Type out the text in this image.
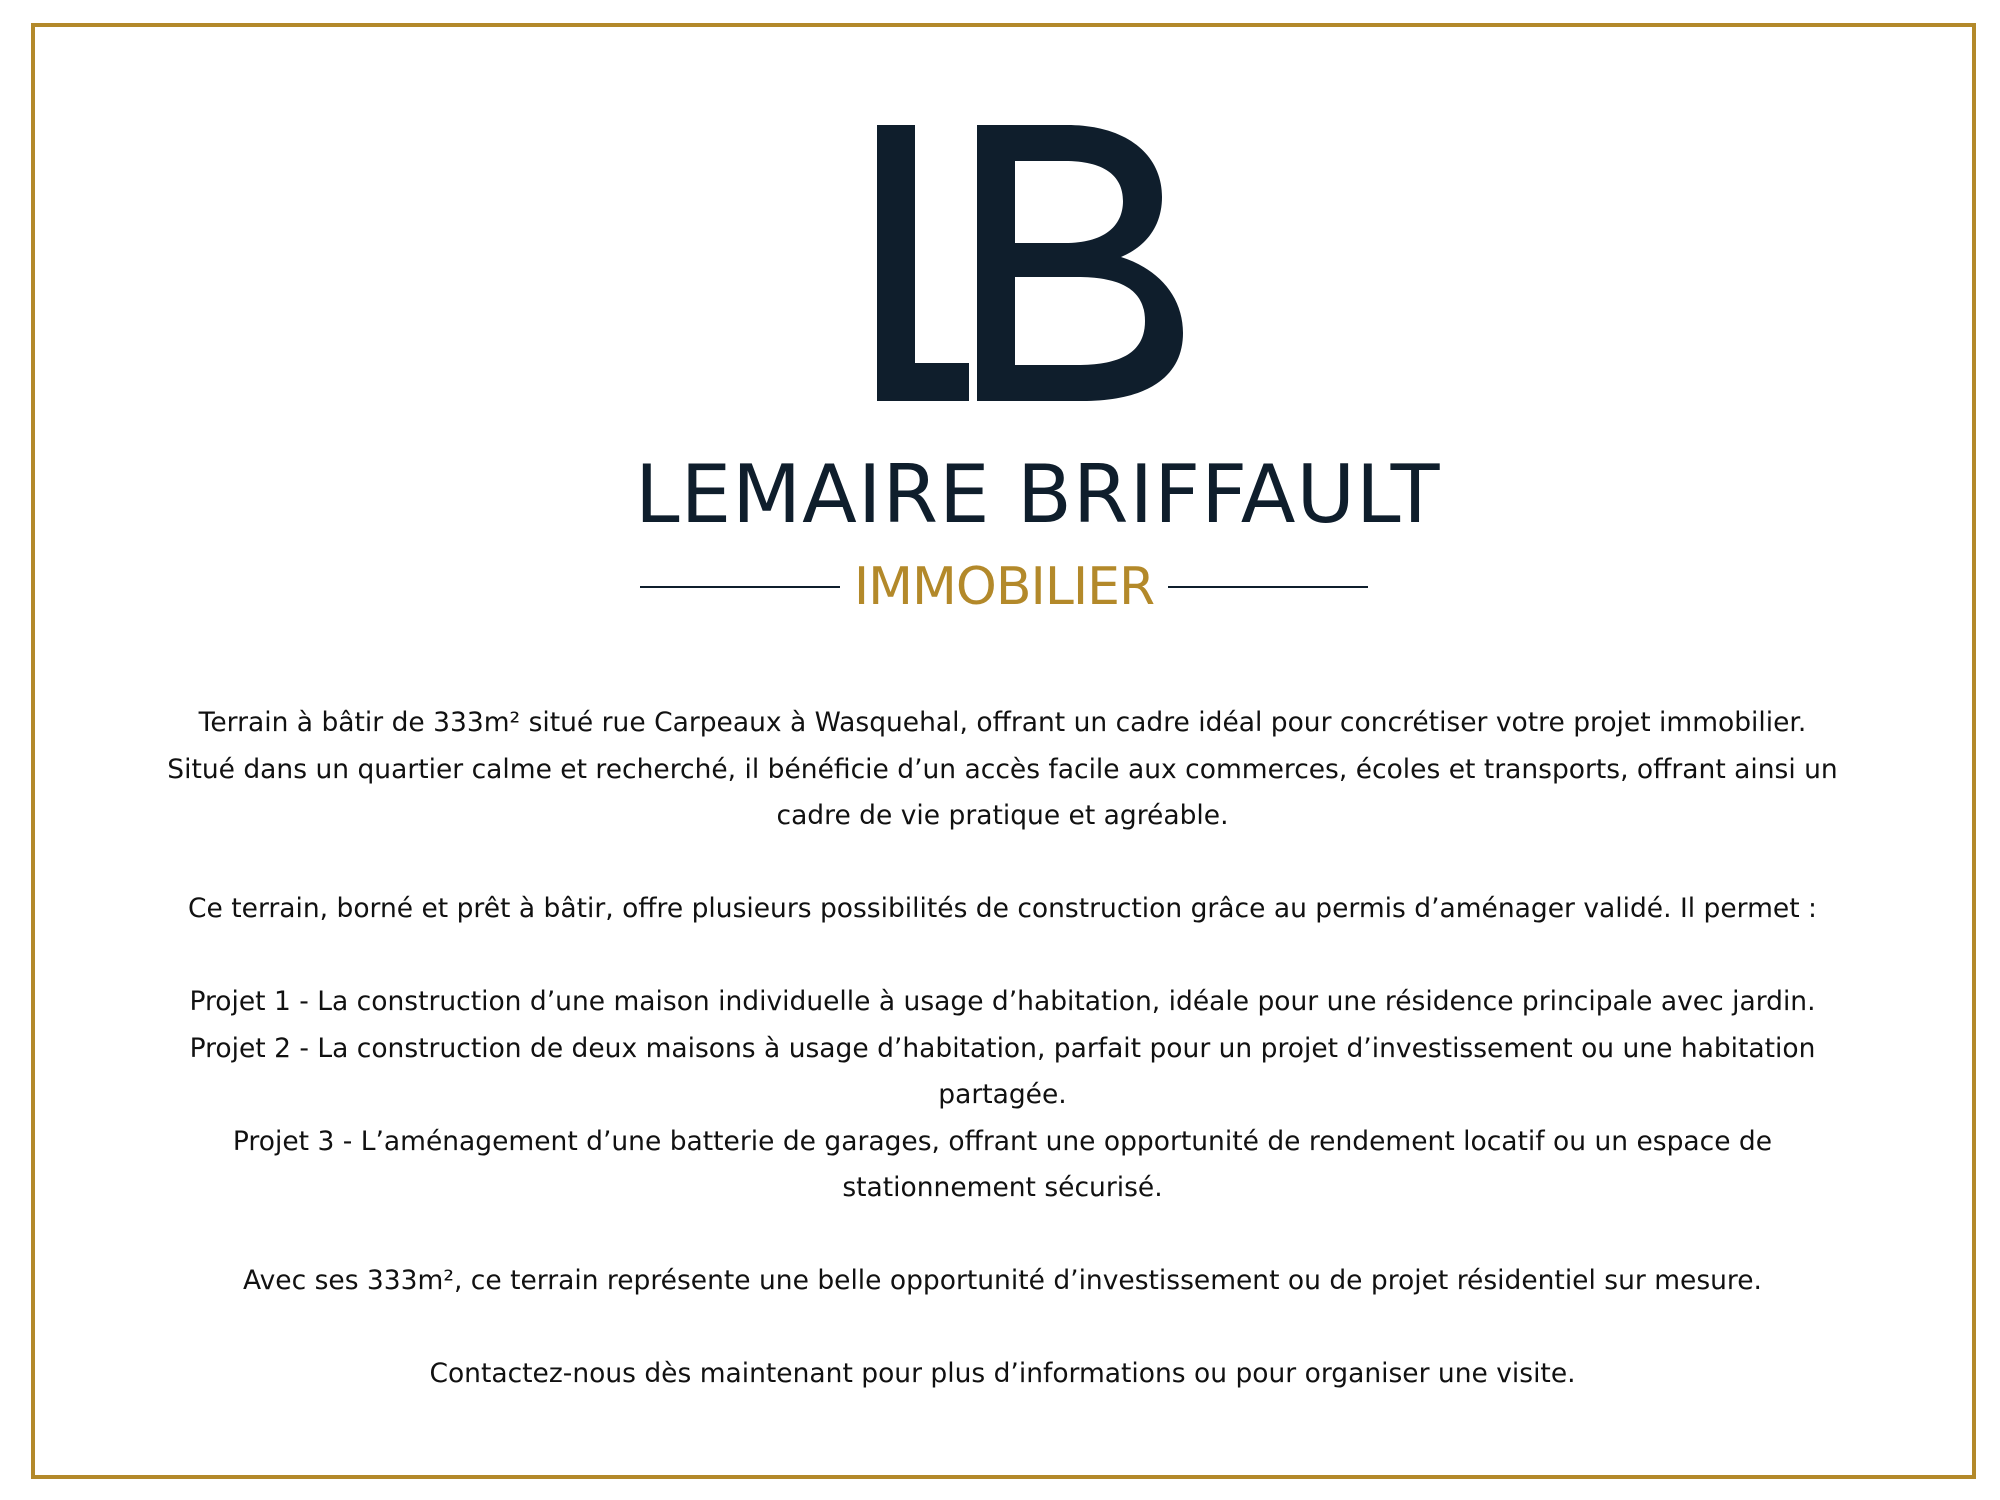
LEMAIRE BRIFFAULT
IMMOBILIER

Terrain à bâtir de 333m² situé rue Carpeaux à Wasquehal, offrant un cadre idéal pour concrétiser votre projet immobilier.

Situé dans un quartier calme et recherché, il bénéficie d’un accès facile aux commerces, écoles et transports, offrant ainsi un

cadre de vie pratique et agréable.

Ce terrain, borné et prêt à bâtir, offre plusieurs possibilités de construction grâce au permis d’aménager validé. Il permet :

Projet 1 - La construction d’une maison individuelle à usage d’habitation, idéale pour une résidence principale avec jardin.

Projet 2 - La construction de deux maisons à usage d’habitation, parfait pour un projet d’investissement ou une habitation

partagée.

Projet 3 - L’aménagement d’une batterie de garages, offrant une opportunité de rendement locatif ou un espace de

stationnement sécurisé.

Avec ses 333m², ce terrain représente une belle opportunité d’investissement ou de projet résidentiel sur mesure.

Contactez-nous dès maintenant pour plus d’informations ou pour organiser une visite.
